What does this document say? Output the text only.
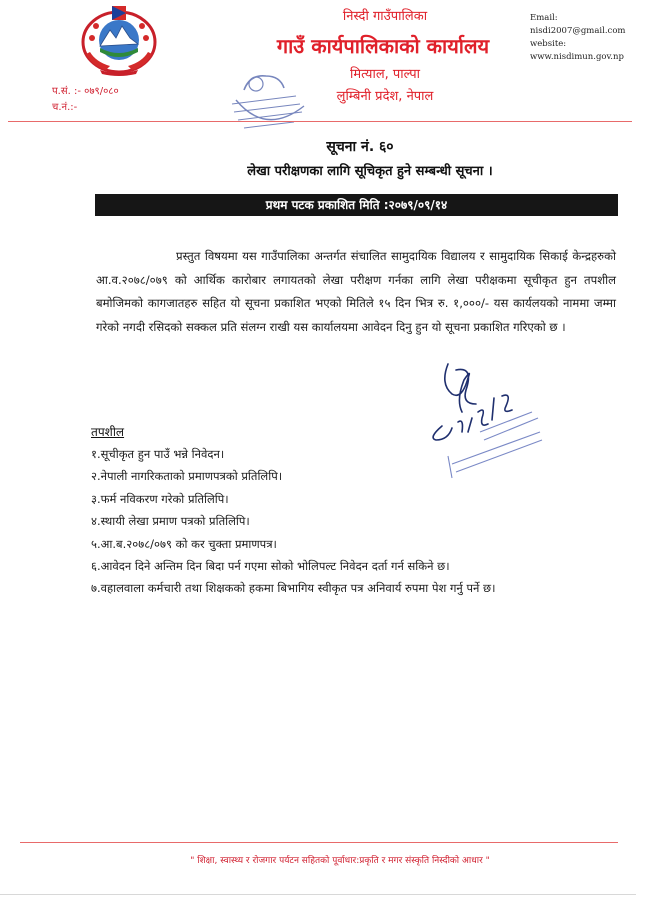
निस्दी गाउँपालिका
गाउँ कार्यपालिकाको कार्यालय
मित्याल, पाल्पा
लुम्बिनी प्रदेश, नेपाल
Email:
nisdi2007@gmail.com
website:
www.nisdimun.gov.np
प.सं. :- ०७९/०८०
च.नं.:-
सूचना नं. ६०
लेखा परीक्षणका लागि सूचिकृत हुने सम्बन्धी सूचना ।
प्रथम पटक प्रकाशित मिति :२०७९/०९/१४
प्रस्तुत विषयमा यस गाउँपालिका अन्तर्गत संचालित सामुदायिक विद्यालय र सामुदायिक सिकाई केन्द्रहरुको आ.व.२०७८/०७९ को आर्थिक कारोबार लगायतको लेखा परीक्षण गर्नका लागि लेखा परीक्षकमा सूचीकृत हुन तपशील बमोजिमको कागजातहरु सहित यो सूचना प्रकाशित भएको मितिले १५ दिन भित्र रु. १,०००/- यस कार्यलयको नाममा जम्मा गरेको नगदी रसिदको सक्कल प्रति संलग्न राखी यस कार्यालयमा आवेदन दिनु हुन यो सूचना प्रकाशित गरिएको छ ।
तपशील
१.सूचीकृत हुन पाउँ भन्ने निवेदन।
२.नेपाली नागरिकताको प्रमाणपत्रको प्रतिलिपि।
३.फर्म नविकरण गरेको प्रतिलिपि।
४.स्थायी लेखा प्रमाण पत्रको प्रतिलिपि।
५.आ.ब.२०७८/०७९ को कर चुक्ता प्रमाणपत्र।
६.आवेदन दिने अन्तिम दिन बिदा पर्न गएमा सोको भोलिपल्ट निवेदन दर्ता गर्न सकिने छ।
७.वहालवाला कर्मचारी तथा शिक्षकको हकमा बिभागिय स्वीकृत पत्र अनिवार्य रुपमा पेश गर्नु पर्ने छ।
" शिक्षा, स्वास्थ्य र रोजगार पर्यटन सहितको पूर्वाधार:प्रकृति र मगर संस्कृति निस्दीको आधार "
